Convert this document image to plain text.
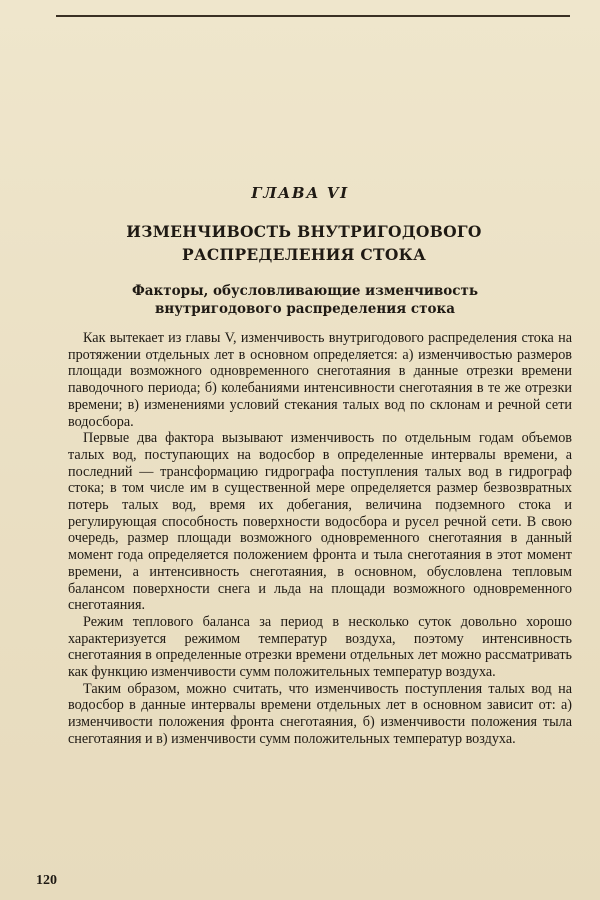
ГЛАВА VI
ИЗМЕНЧИВОСТЬ ВНУТРИГОДОВОГО РАСПРЕДЕЛЕНИЯ СТОКА
Факторы, обусловливающие изменчивость внутригодового распределения стока

Как вытекает из главы V, изменчивость внутригодового распределения стока на протяжении отдельных лет в основном определяется: а) изменчивостью размеров площади возможного одновременного снеготаяния в данные отрезки времени паводочного периода; б) колебаниями интенсивности снеготаяния в те же отрезки времени; в) изменениями условий стекания талых вод по склонам и речной сети водосбора.

Первые два фактора вызывают изменчивость по отдельным годам объемов талых вод, поступающих на водосбор в определенные интервалы времени, а последний — трансформацию гидрографа поступления талых вод в гидрограф стока; в том числе им в существенной мере определяется размер безвозвратных потерь талых вод, время их добегания, величина подземного стока и регулирующая способность поверхности водосбора и русел речной сети. В свою очередь, размер площади возможного одновременного снеготаяния в данный момент года определяется положением фронта и тыла снеготаяния в этот момент времени, а интенсивность снеготаяния, в основном, обусловлена тепловым балансом поверхности снега и льда на площади возможного одновременного снеготаяния.

Режим теплового баланса за период в несколько суток довольно хорошо характеризуется режимом температур воздуха, поэтому интенсивность снеготаяния в определенные отрезки времени отдельных лет можно рассматривать как функцию изменчивости сумм положительных температур воздуха.

Таким образом, можно считать, что изменчивость поступления талых вод на водосбор в данные интервалы времени отдельных лет в основном зависит от: а) изменчивости положения фронта снеготаяния, б) изменчивости положения тыла снеготаяния и в) изменчивости сумм положительных температур воздуха.

120
